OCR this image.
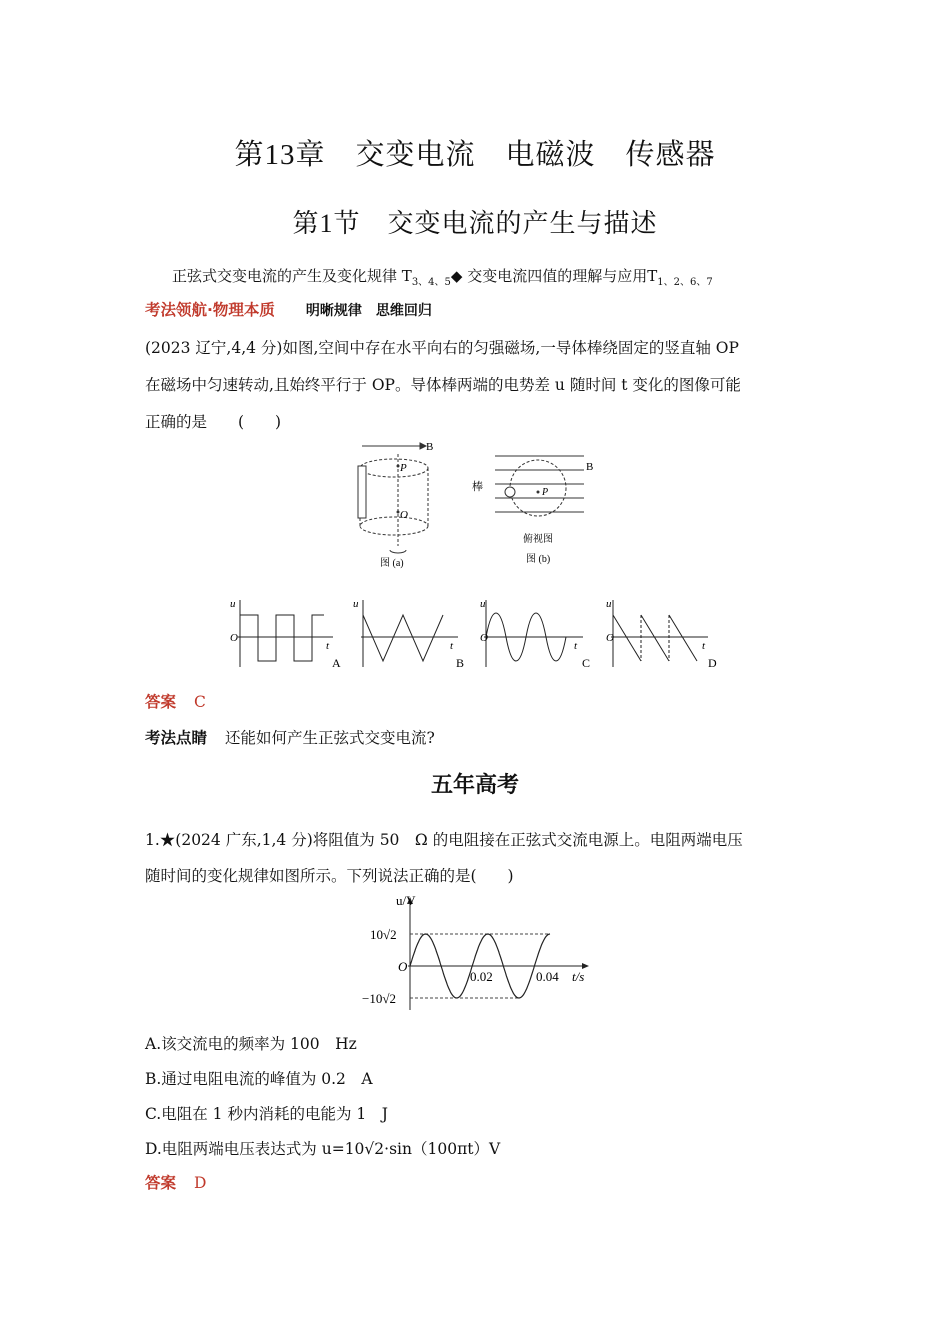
第13章　交变电流　电磁波　传感器
第1节　交变电流的产生与描述
正弦式交变电流的产生及变化规律 $T_{3、4、5}◆$ 交变电流四值的理解与应用$T_{1、2、6、7}$
考法领航·物理本质 明晰规律　思维回归
(2023 辽宁,4,4 分)如图,空间中存在水平向右的匀强磁场,一导体棒绕固定的竖直轴 OP
在磁场中匀速转动,且始终平行于 OP。导体棒两端的电势差 u 随时间 t 变化的图像可能
正确的是　　(　　)
B
P
O
图 (a)
棒	P
B
俯视图
图 (b)
u
O
t
A
u
t
B
u
O
t
C
u
O
t
D
答案 C
考法点睛 还能如何产生正弦式交变电流?
五年高考
1.★(2024 广东,1,4 分)将阻值为 50　Ω 的电阻接在正弦式交流电源上。电阻两端电压
随时间的变化规律如图所示。下列说法正确的是(　　)
u/V
10√2
O
−10√2
0.02	0.04 t/s
A.该交流电的频率为 100　Hz
B.通过电阻电流的峰值为 0.2　A
C.电阻在 1 秒内消耗的电能为 1　J
D.电阻两端电压表达式为 u=10√2·sin（100πt）V
答案 D
